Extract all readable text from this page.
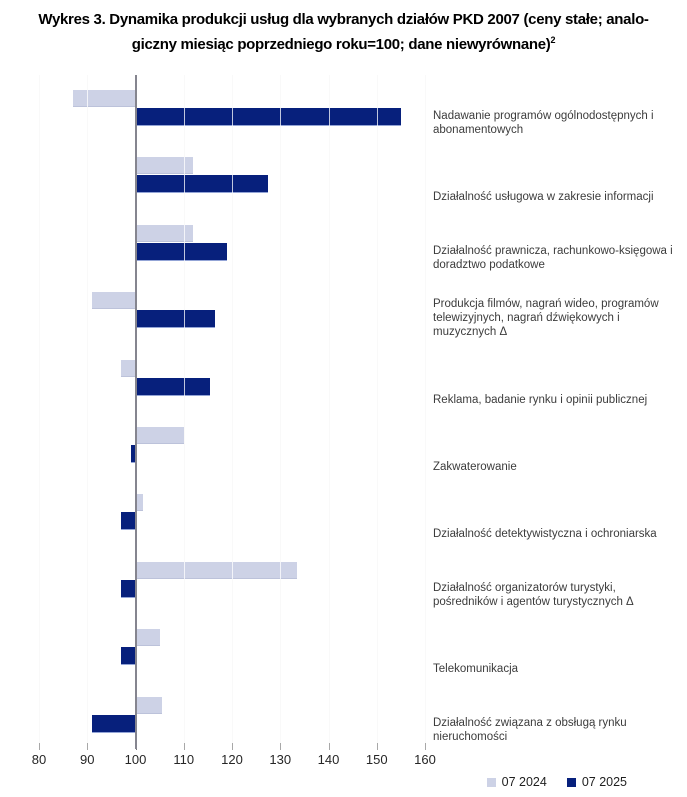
Wykres 3. Dynamika produkcji usług dla wybranych działów PKD 2007 (ceny stałe; analo-
giczny miesiąc poprzedniego roku=100; dane niewyrównane)$^2$
80	90 100 110 120 130 140 150 160
Nadawanie programów ogólnodostępnych i abonamentowych
Działalność usługowa w zakresie informacji
Działalność prawnicza, rachunkowo-księgowa i doradztwo podatkowe
Produkcja filmów, nagrań wideo, programów telewizyjnych, nagrań dźwiękowych i muzycznych Δ
Reklama, badanie rynku i opinii publicznej
Zakwaterowanie
Działalność detektywistyczna i ochroniarska
Działalność organizatorów turystyki, pośredników i agentów turystycznych Δ
Telekomunikacja
Działalność związana z obsługą rynku nieruchomości
07 2024	07 2025
